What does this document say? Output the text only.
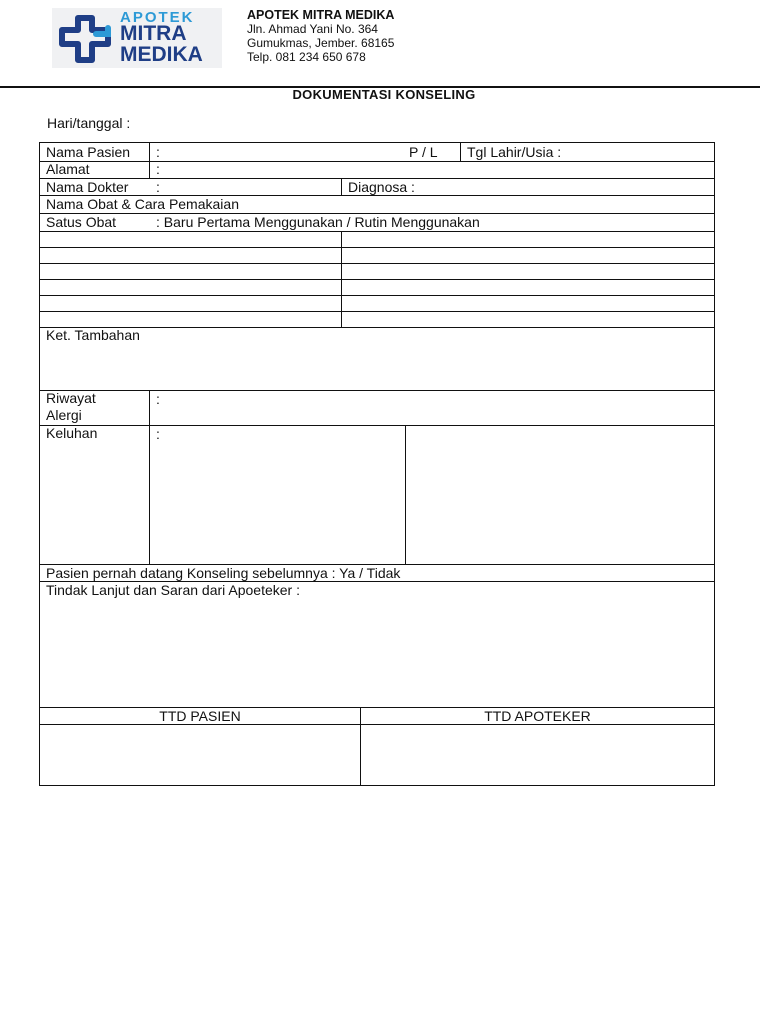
APOTEK
MITRA
MEDIKA
APOTEK MITRA MEDIKA
Jln. Ahmad Yani No. 364
Gumukmas, Jember. 68165
Telp. 081 234 650 678
DOKUMENTASI KONSELING
Hari/tanggal :
Nama Pasien :	P / L Tgl Lahir/Usia :
Alamat	:
Nama Dokter :	Diagnosa :
Nama Obat & Cara Pemakaian
Satus Obat	: Baru Pertama Menggunakan / Rutin Menggunakan
Ket. Tambahan
Riwayat
Alergi
:
Keluhan	:
Pasien pernah datang Konseling sebelumnya : Ya / Tidak
Tindak Lanjut dan Saran dari Apoeteker :
TTD PASIEN	TTD APOTEKER
